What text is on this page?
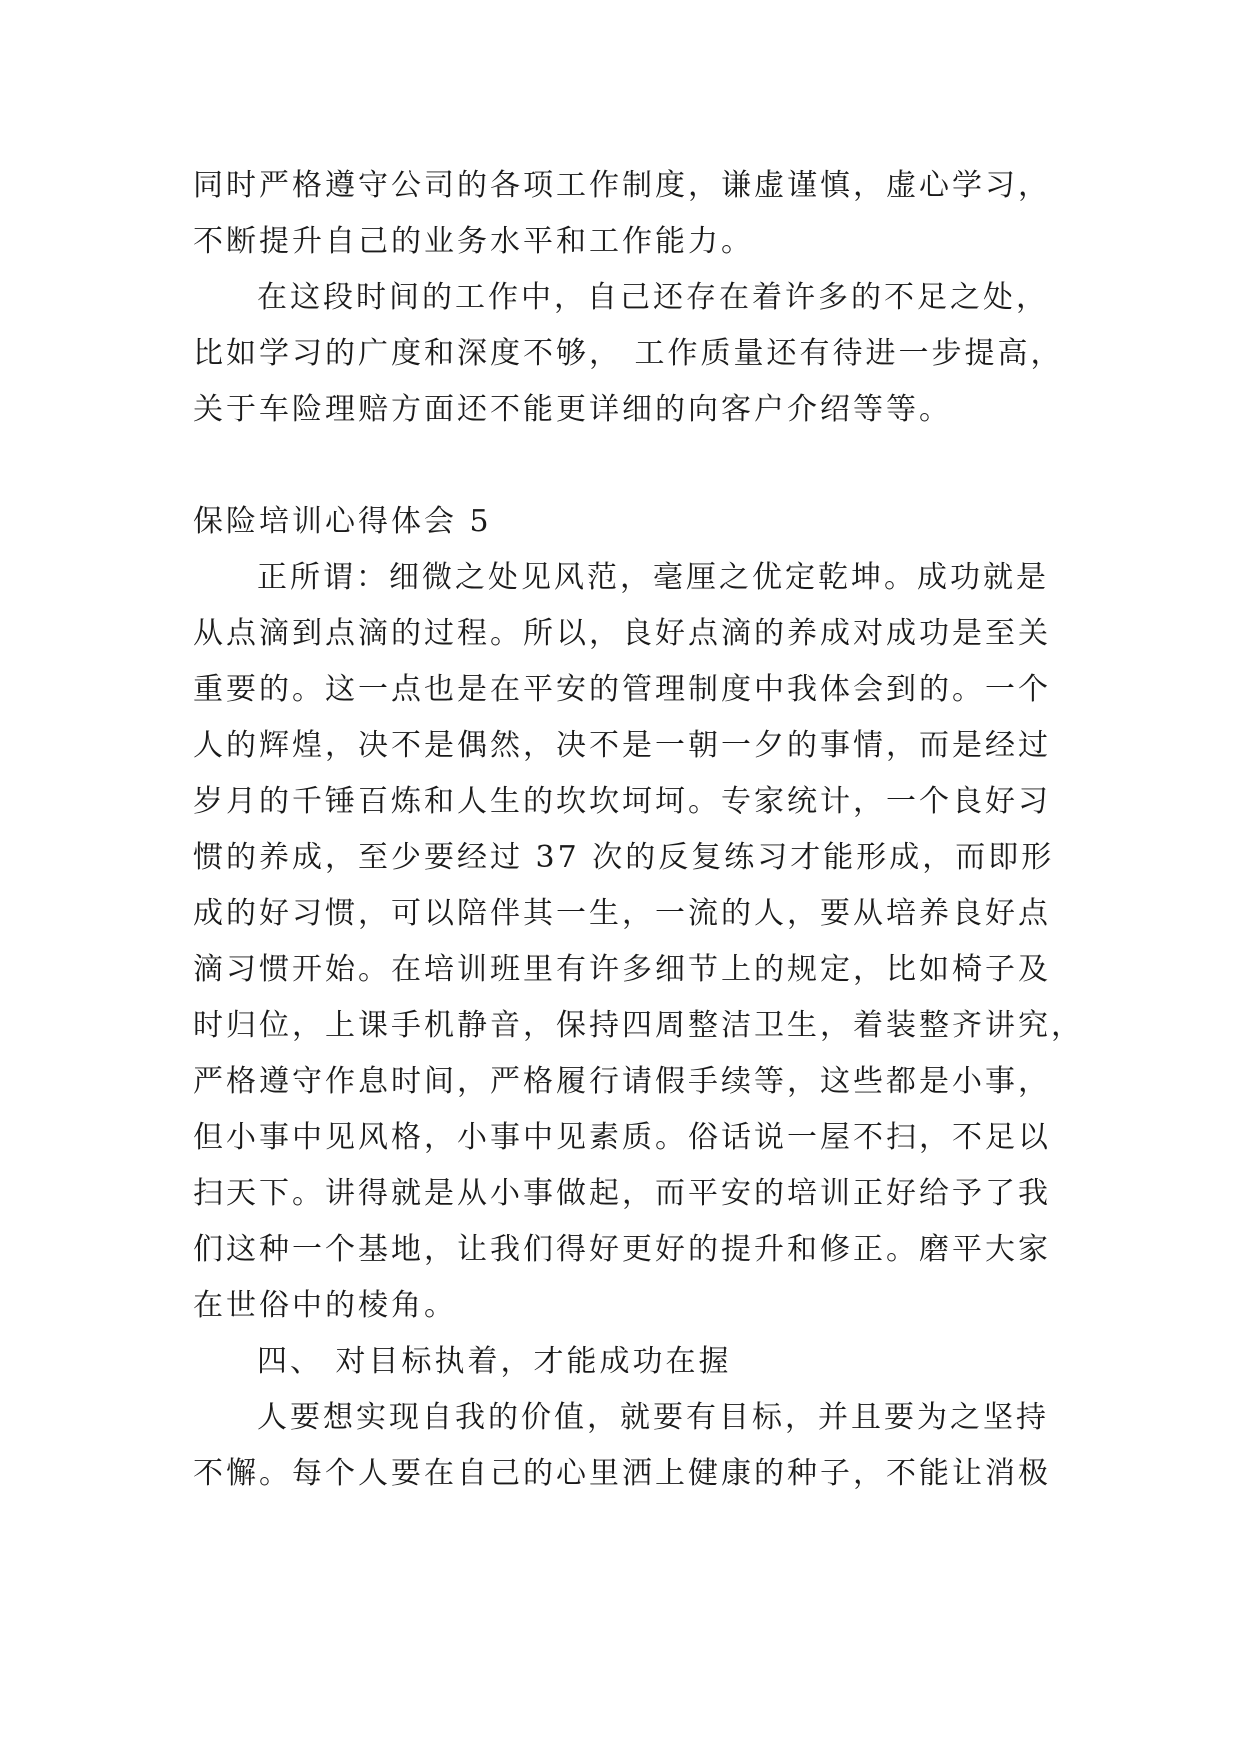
同时严格遵守公司的各项工作制度，谦虚谨慎，虚心学习，
不断提升自己的业务水平和工作能力。
在这段时间的工作中，自己还存在着许多的不足之处，
比如学习的广度和深度不够， 工作质量还有待进一步提高，
关于车险理赔方面还不能更详细的向客户介绍等等。
保险培训心得体会 5
正所谓：细微之处见风范，毫厘之优定乾坤。成功就是
从点滴到点滴的过程。所以，良好点滴的养成对成功是至关
重要的。这一点也是在平安的管理制度中我体会到的。一个
人的辉煌，决不是偶然，决不是一朝一夕的事情，而是经过
岁月的千锤百炼和人生的坎坎坷坷。专家统计，一个良好习
惯的养成，至少要经过 37 次的反复练习才能形成，而即形
成的好习惯，可以陪伴其一生，一流的人，要从培养良好点
滴习惯开始。在培训班里有许多细节上的规定，比如椅子及
时归位，上课手机静音，保持四周整洁卫生，着装整齐讲究，
严格遵守作息时间，严格履行请假手续等，这些都是小事，
但小事中见风格，小事中见素质。俗话说一屋不扫，不足以
扫天下。讲得就是从小事做起，而平安的培训正好给予了我
们这种一个基地，让我们得好更好的提升和修正。磨平大家
在世俗中的棱角。
四、 对目标执着，才能成功在握
人要想实现自我的价值，就要有目标，并且要为之坚持
不懈。每个人要在自己的心里洒上健康的种子，不能让消极
